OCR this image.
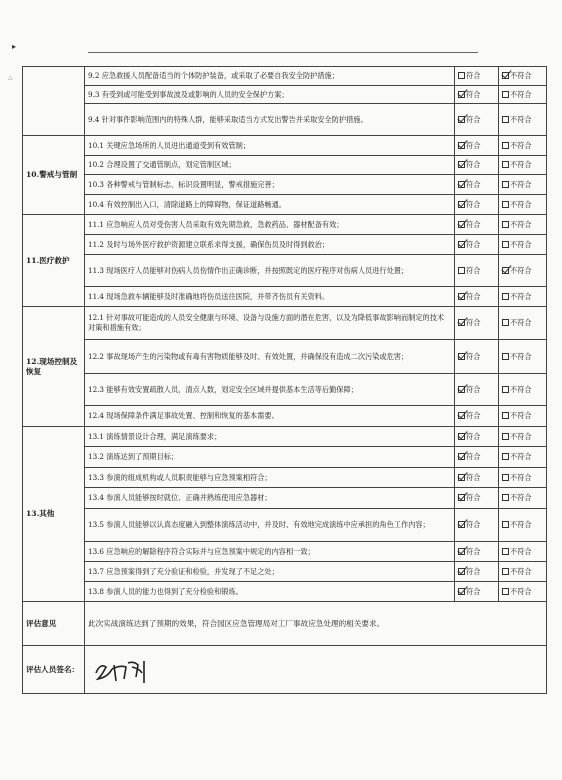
▸
△
		9.2 应急救援人员配备适当的个体防护装备，或采取了必要自我安全防护措施；	符合	不符合
	9.3 有受到或可能受到事故波及或影响的人员的安全保护方案；	符合	不符合
	9.4 针对事件影响范围内的特殊人群，能够采取适当方式发出警告并采取安全防护措施。	符合	不符合
10.警戒与管制	10.1 关键应急场所的人员进出通道受到有效管制；	符合	不符合
	10.2 合理设置了交通管制点，划定管制区域；	符合	不符合
	10.3 各种警戒与管制标志、标识设置明显，警戒措施完善；	符合	不符合
	10.4 有效控制出入口，清除道路上的障碍物，保证道路畅通。	符合	不符合
11.医疗救护	11.1 应急响应人员对受伤害人员采取有效先期急救，急救药品、器材配备有效；	符合	不符合
	11.2 及时与场外医疗救护资源建立联系求得支援，确保伤员及时得到救治；	符合	不符合
	11.3 现场医疗人员能够对伤病人员伤情作出正确诊断，并按照既定的医疗程序对伤病人员进行处置；	符合	不符合
	11.4 现场急救车辆能够及时准确地将伤员送往医院，并带齐伤员有关资料。	符合	不符合
12.现场控制及恢复	12.1 针对事故可能造成的人员安全健康与环境、设备与设施方面的潜在危害，以及为降低事故影响而制定的技术对策和措施有效；	符合	不符合
	12.2 事故现场产生的污染物或有毒有害物质能够及时、有效处置，并确保没有造成二次污染或危害；	符合	不符合
	12.3 能够有效安置疏散人员，清点人数，划定安全区域并提供基本生活等后勤保障；	符合	不符合
	12.4 现场保障条件满足事故处置、控制和恢复的基本需要。	符合	不符合
13.其他	13.1 演练情景设计合理，满足演练要求；	符合	不符合
	13.2 演练达到了预期目标；	符合	不符合
	13.3 参演的组成机构或人员职责能够与应急预案相符合；	符合	不符合
	13.4 参演人员能够按时就位、正确并熟练使用应急器材；	符合	不符合
	13.5 参演人员能够以认真态度融入到整体演练活动中，并及时、有效地完成演练中应承担的角色工作内容；	符合	不符合
	13.6 应急响应的解除程序符合实际并与应急预案中规定的内容相一致；	符合	不符合
	13.7 应急预案得到了充分验证和检验，并发现了不足之处；	符合	不符合
	13.8 参演人员的能力也得到了充分检验和锻炼。	符合	不符合
评估意见	此次实战演练达到了预期的效果，符合园区应急管理局对工厂事故应急处理的相关要求。		
评估人员签名：	
